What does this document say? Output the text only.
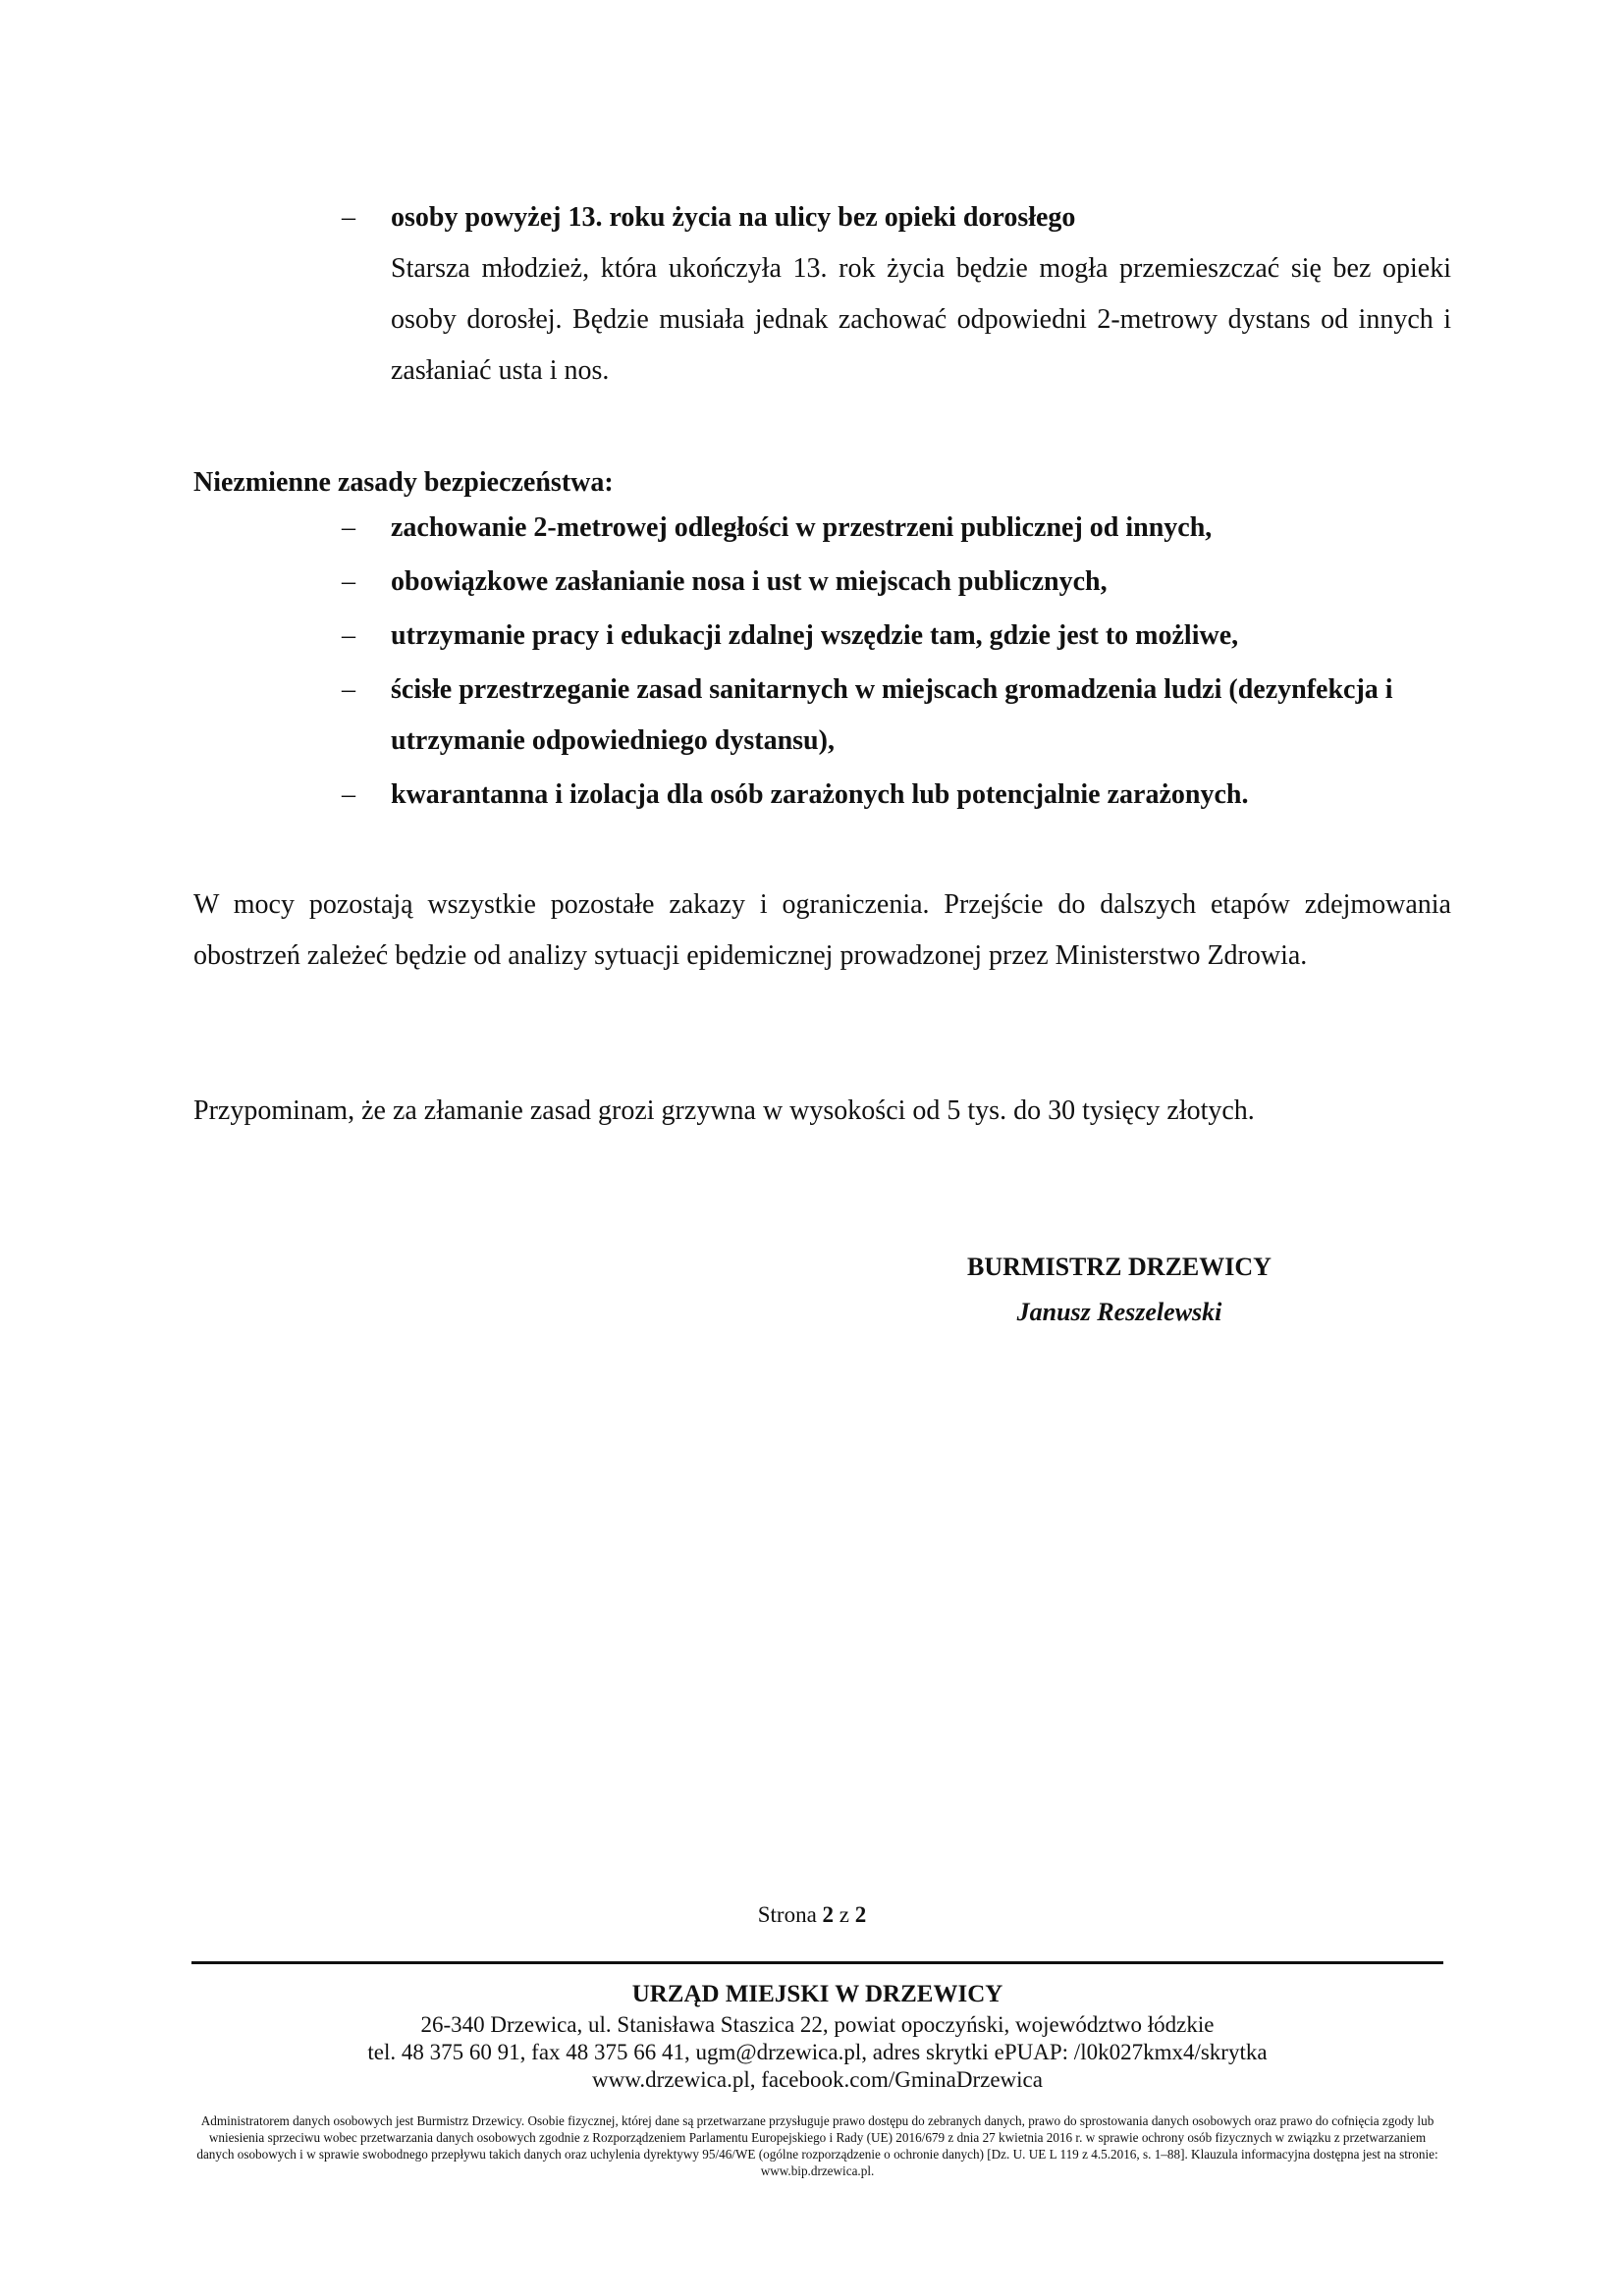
– osoby powyżej 13. roku życia na ulicy bez opieki dorosłego
Starsza młodzież, która ukończyła 13. rok życia będzie mogła przemieszczać się bez opieki osoby dorosłej. Będzie musiała jednak zachować odpowiedni 2-metrowy dystans od innych i zasłaniać usta i nos.
Niezmienne zasady bezpieczeństwa:
– zachowanie 2-metrowej odległości w przestrzeni publicznej od innych,
– obowiązkowe zasłanianie nosa i ust w miejscach publicznych,
– utrzymanie pracy i edukacji zdalnej wszędzie tam, gdzie jest to możliwe,
– ścisłe przestrzeganie zasad sanitarnych w miejscach gromadzenia ludzi (dezynfekcja i utrzymanie odpowiedniego dystansu),
– kwarantanna i izolacja dla osób zarażonych lub potencjalnie zarażonych.
W mocy pozostają wszystkie pozostałe zakazy i ograniczenia. Przejście do dalszych etapów zdejmowania obostrzeń zależeć będzie od analizy sytuacji epidemicznej prowadzonej przez Ministerstwo Zdrowia.
Przypominam, że za złamanie zasad grozi grzywna w wysokości od 5 tys. do 30 tysięcy złotych.
BURMISTRZ DRZEWICY
Janusz Reszelewski
Strona 2 z 2
URZĄD MIEJSKI W DRZEWICY
26-340 Drzewica, ul. Stanisława Staszica 22, powiat opoczyński, województwo łódzkie
tel. 48 375 60 91, fax 48 375 66 41, ugm@drzewica.pl, adres skrytki ePUAP: /l0k027kmx4/skrytka
www.drzewica.pl, facebook.com/GminaDrzewica
Administratorem danych osobowych jest Burmistrz Drzewicy. Osobie fizycznej, której dane są przetwarzane przysługuje prawo dostępu do zebranych danych, prawo do sprostowania danych osobowych oraz prawo do cofnięcia zgody lub wniesienia sprzeciwu wobec przetwarzania danych osobowych zgodnie z Rozporządzeniem Parlamentu Europejskiego i Rady (UE) 2016/679 z dnia 27 kwietnia 2016 r. w sprawie ochrony osób fizycznych w związku z przetwarzaniem danych osobowych i w sprawie swobodnego przepływu takich danych oraz uchylenia dyrektywy 95/46/WE (ogólne rozporządzenie o ochronie danych) [Dz. U. UE L 119 z 4.5.2016, s. 1–88]. Klauzula informacyjna dostępna jest na stronie: www.bip.drzewica.pl.
